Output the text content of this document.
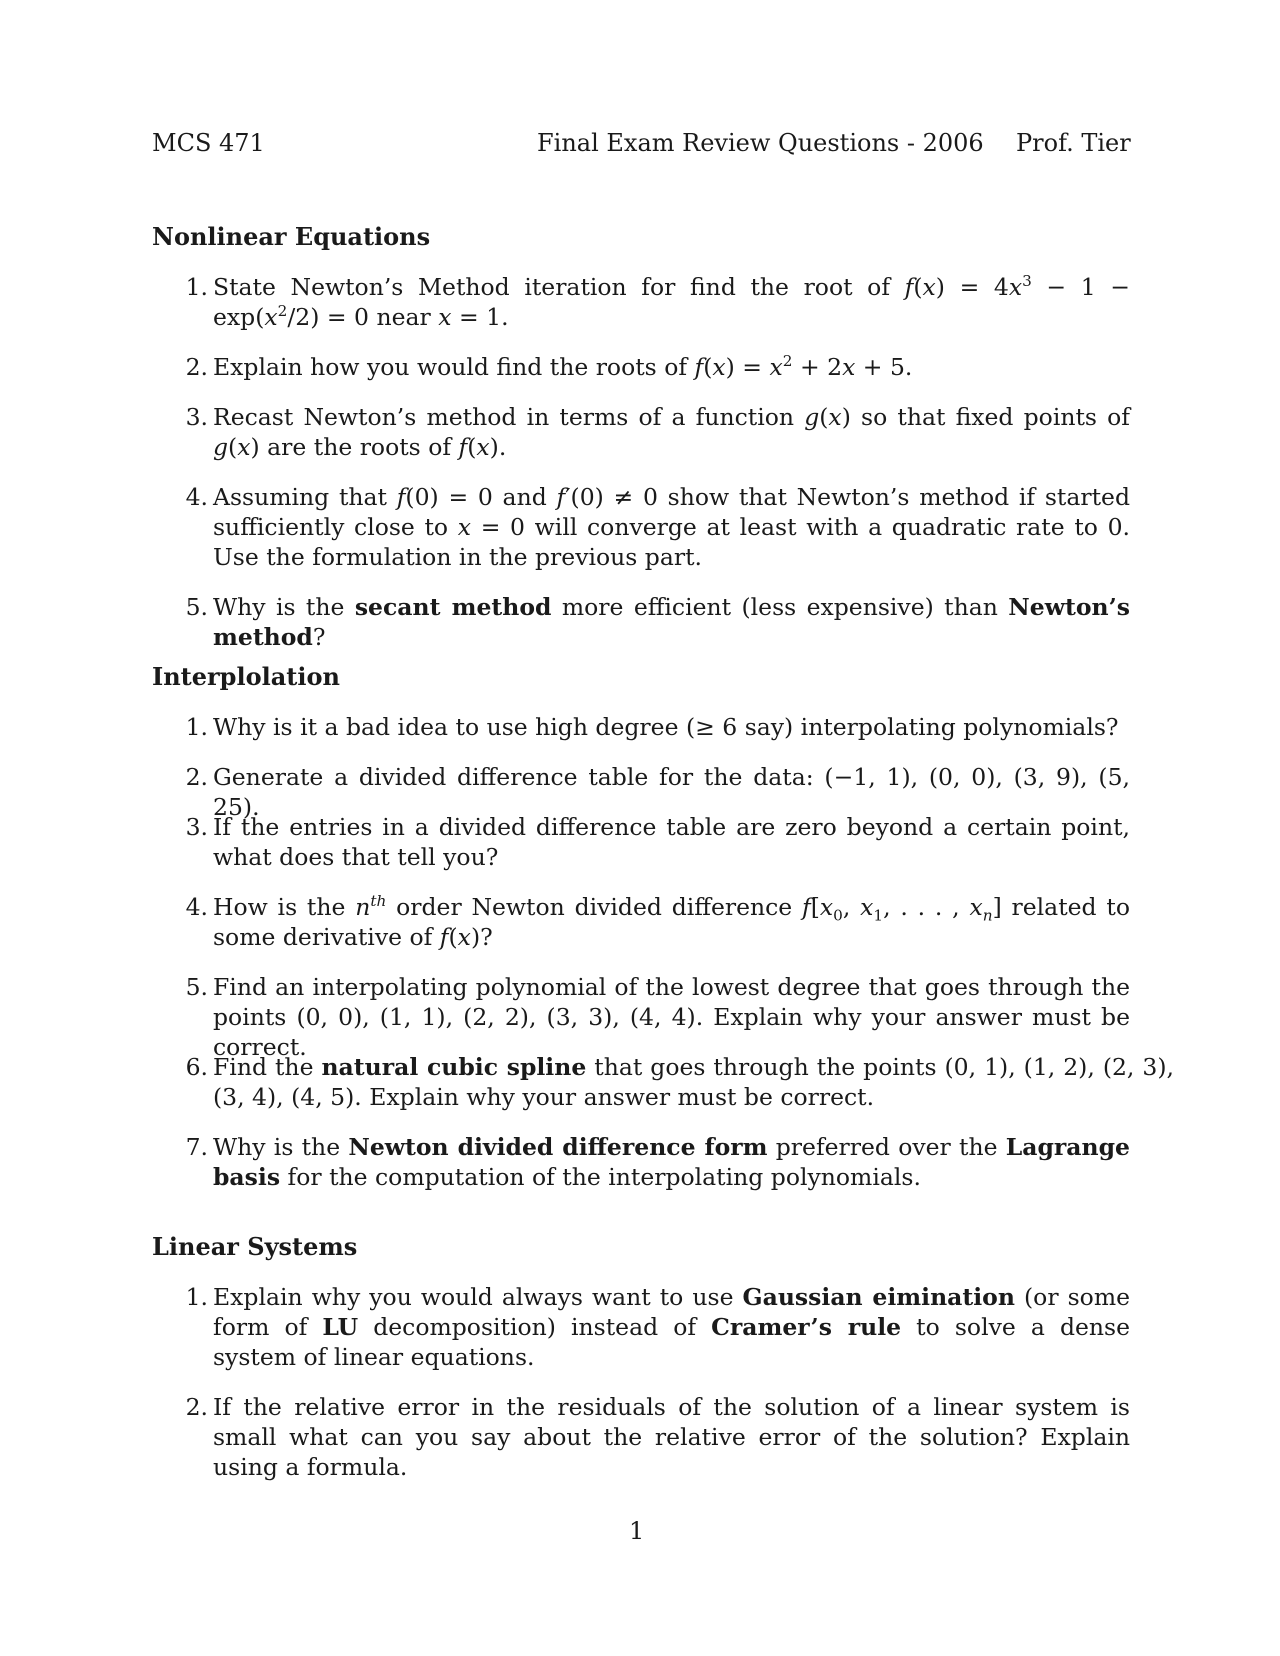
MCS 471	Final Exam Review Questions - 2006 Prof. Tier
Nonlinear Equations
1. State Newton’s Method iteration for find the root of $f(x) = 4x^3 - 1 - \exp(x^2/2) = 0$ near x = 1.
2. Explain how you would find the roots of $f(x) = x^2 + 2x + 5$.
3. Recast Newton’s method in terms of a function g(x) so that fixed points of g(x) are the roots of f(x).
4. Assuming that f(0) = 0 and f′(0) ≠ 0 show that Newton’s method if started sufficiently close to x = 0 will converge at least with a quadratic rate to 0. Use the formulation in the previous part.
5. Why is the secant method more efficient (less expensive) than Newton’s method?
Interplolation
1. Why is it a bad idea to use high degree (≥ 6 say) interpolating polynomials?
2. Generate a divided difference table for the data: (−1, 1), (0, 0), (3, 9), (5, 25).
3. If the entries in a divided difference table are zero beyond a certain point, what does that tell you?
4. How is the $n^{th}$ order Newton divided difference $f[x_0$, $x_1$, . . . , $x_n$] related to some derivative of f(x)?
5. Find an interpolating polynomial of the lowest degree that goes through the points (0, 0), (1, 1), (2, 2), (3, 3), (4, 4). Explain why your answer must be correct.
6. Find the natural cubic spline that goes through the points (0, 1), (1, 2), (2, 3), (3, 4), (4, 5). Explain why your answer must be correct.
7. Why is the Newton divided difference form preferred over the Lagrange basis for the computation of the interpolating polynomials.
Linear Systems
1. Explain why you would always want to use Gaussian eimination (or some form of LU decomposition) instead of Cramer’s rule to solve a dense system of linear equations.
2. If the relative error in the residuals of the solution of a linear system is small what can you say about the relative error of the solution? Explain using a formula.
1
